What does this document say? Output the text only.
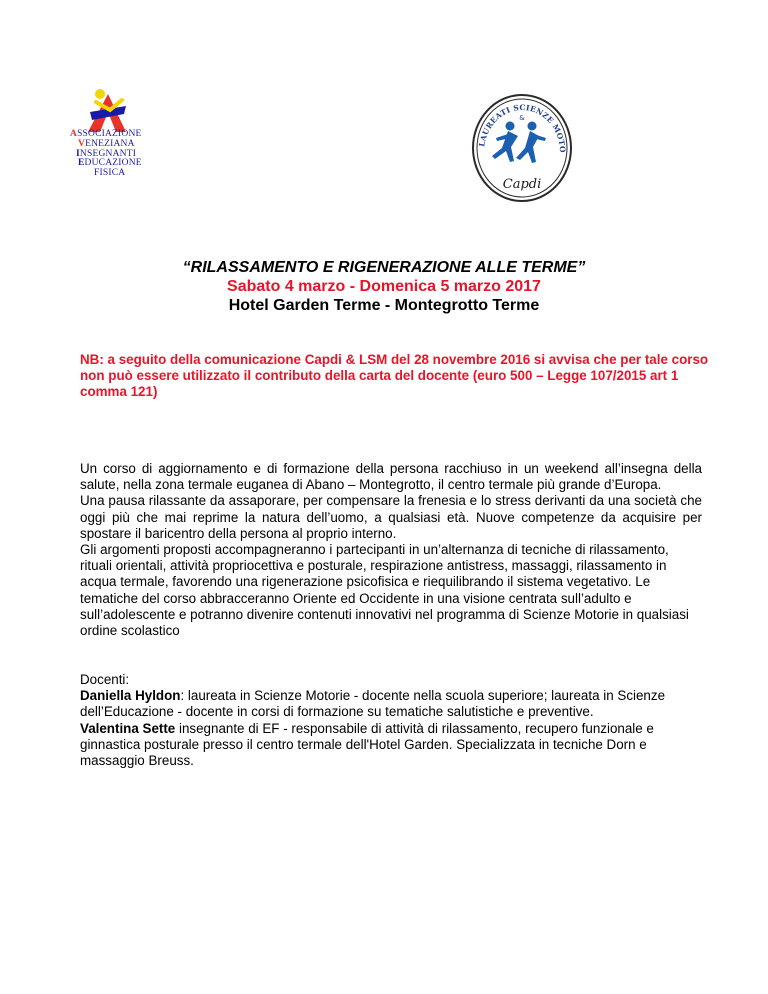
ASSOCIAZIONE
VENEZIANA
INSEGNANTI
EDUCAZIONE
FISICA
LAUREATI SCIENZE MOTO
Capdi
&
“RILASSAMENTO E RIGENERAZIONE ALLE TERME”
Sabato 4 marzo - Domenica 5 marzo 2017
Hotel Garden Terme - Montegrotto Terme
NB: a seguito della comunicazione Capdi & LSM del 28 novembre 2016 si avvisa che per tale corso non può essere utilizzato il contributo della carta del docente (euro 500 – Legge 107/2015 art 1 comma 121)

Un corso di aggiornamento e di formazione della persona racchiuso in un weekend all’insegna della salute, nella zona termale euganea di Abano – Montegrotto, il centro termale più grande d’Europa.

Una pausa rilassante da assaporare, per compensare la frenesia e lo stress derivanti da una società che oggi più che mai reprime la natura dell’uomo, a qualsiasi età. Nuove competenze da acquisire per spostare il baricentro della persona al proprio interno.

Gli argomenti proposti accompagneranno i partecipanti in un’alternanza di tecniche di rilassamento, rituali orientali, attività propriocettiva e posturale, respirazione antistress, massaggi, rilassamento in acqua termale, favorendo una rigenerazione psicofisica e riequilibrando il sistema vegetativo. Le tematiche del corso abbracceranno Oriente ed Occidente in una visione centrata sull’adulto e sull’adolescente e potranno divenire contenuti innovativi nel programma di Scienze Motorie in qualsiasi ordine scolastico

Docenti:

Daniella Hyldon: laureata in Scienze Motorie - docente nella scuola superiore; laureata in Scienze dell’Educazione - docente in corsi di formazione su tematiche salutistiche e preventive.

Valentina Sette insegnante di EF - responsabile di attività di rilassamento, recupero funzionale e ginnastica posturale presso il centro termale dell'Hotel Garden. Specializzata in tecniche Dorn e massaggio Breuss.
